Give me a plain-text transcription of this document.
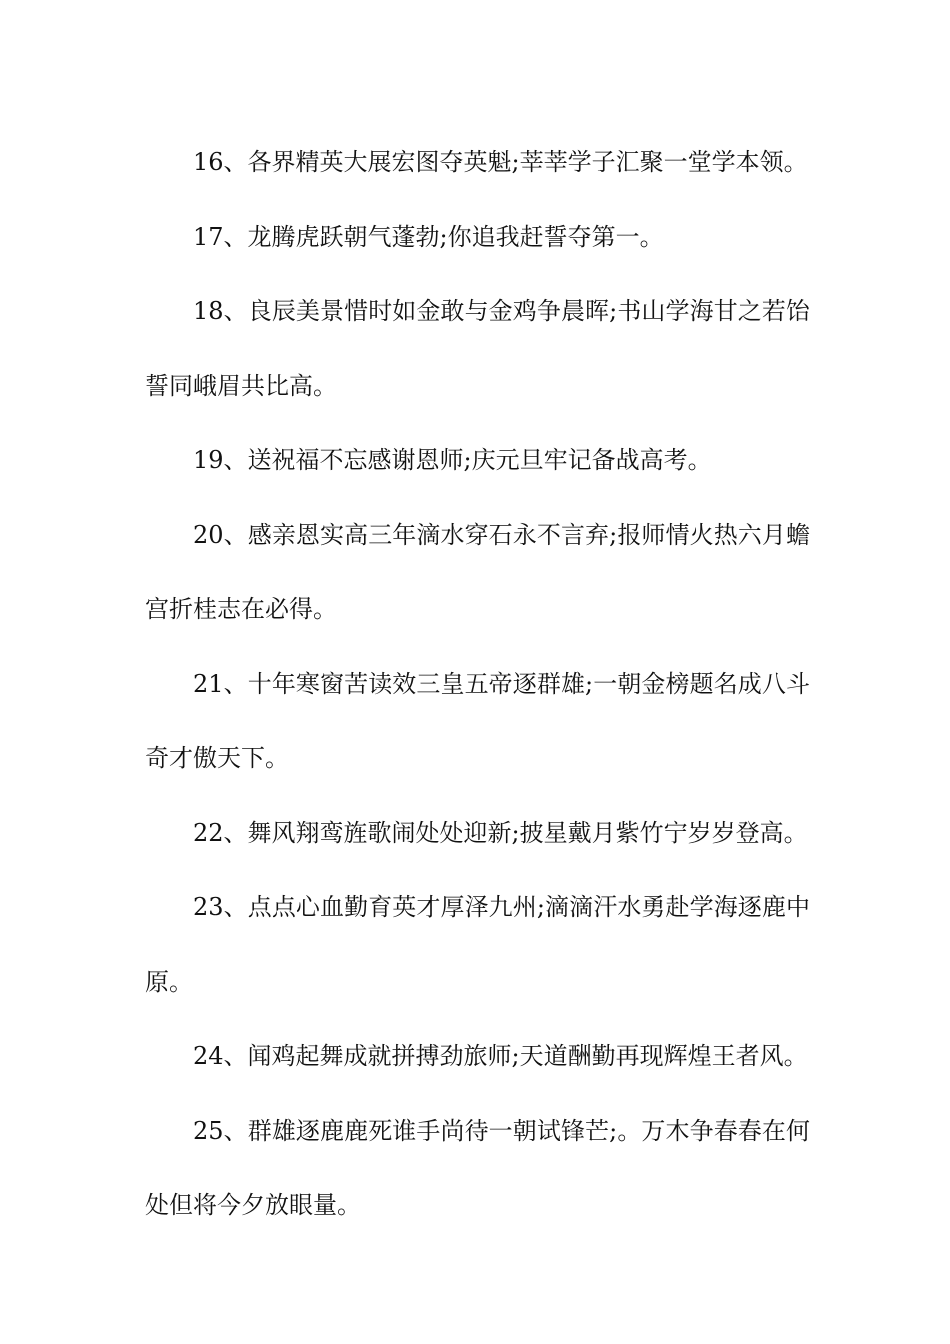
16、各界精英大展宏图夺英魁;莘莘学子汇聚一堂学本领。

17、龙腾虎跃朝气蓬勃;你追我赶誓夺第一。

18、良辰美景惜时如金敢与金鸡争晨晖;书山学海甘之若饴誓同峨眉共比高。

19、送祝福不忘感谢恩师;庆元旦牢记备战高考。

20、感亲恩实高三年滴水穿石永不言弃;报师情火热六月蟾宫折桂志在必得。

21、十年寒窗苦读效三皇五帝逐群雄;一朝金榜题名成八斗奇才傲天下。

22、舞风翔鸾旌歌闹处处迎新;披星戴月紫竹宁岁岁登高。

23、点点心血勤育英才厚泽九州;滴滴汗水勇赴学海逐鹿中原。

24、闻鸡起舞成就拼搏劲旅师;天道酬勤再现辉煌王者风。

25、群雄逐鹿鹿死谁手尚待一朝试锋芒;。万木争春春在何处但将今夕放眼量。
